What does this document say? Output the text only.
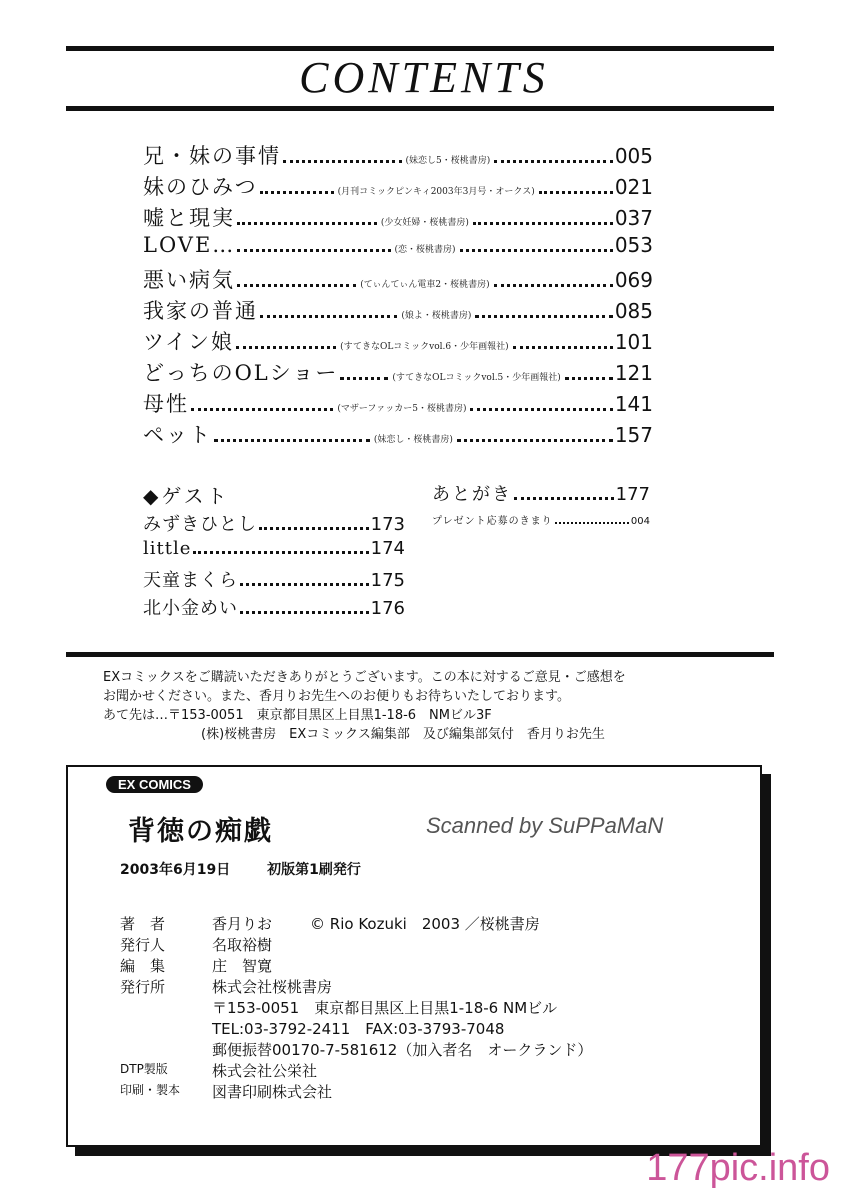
CONTENTS
兄・妹の事情	(妹恋し5・桜桃書房)	005
妹のひみつ	(月刊コミックピンキィ2003年3月号・オークス)	021
嘘と現実	(少女妊婦・桜桃書房)	037
LOVE…	(恋・桜桃書房)	053
悪い病気	(てぃんてぃん電車2・桜桃書房)	069
我家の普通	(娘よ・桜桃書房)	085
ツイン娘	(すてきなOLコミックvol.6・少年画報社)	101
どっちのOLショー	(すてきなOLコミックvol.5・少年画報社)	121
母性	(マザーファッカー5・桜桃書房)	141
ペット	(妹恋し・桜桃書房)	157
◆ゲスト
みずきひとし	173
little	174
天童まくら	175
北小金めい	176
あとがき	177
プレゼント応募のきまり	004

EXコミックスをご購読いただきありがとうございます。この本に対するご意見・ご感想を

お聞かせください。また、香月りお先生へのお便りもお待ちいたしております。

あて先は…〒153-0051　東京都目黒区上目黒1-18-6　NMビル3F

(株)桜桃書房　EXコミックス編集部　及び編集部気付　香月りお先生

EX COMICS
背徳の痴戯	Scanned by SuPPaMaN
2003年6月19日	初版第1刷発行
著　者	香月りお	© Rio Kozuki　2003 ／桜桃書房
発行人	名取裕樹
編　集	庄　智寛
発行所	株式会社桜桃書房
〒153-0051　東京都目黒区上目黒1-18-6 NMビル
TEL:03-3792-2411　FAX:03-3793-7048
郵便振替00170-7-581612（加入者名　オークランド）
DTP製版	株式会社公栄社
印刷・製本	図書印刷株式会社
177pic.info
